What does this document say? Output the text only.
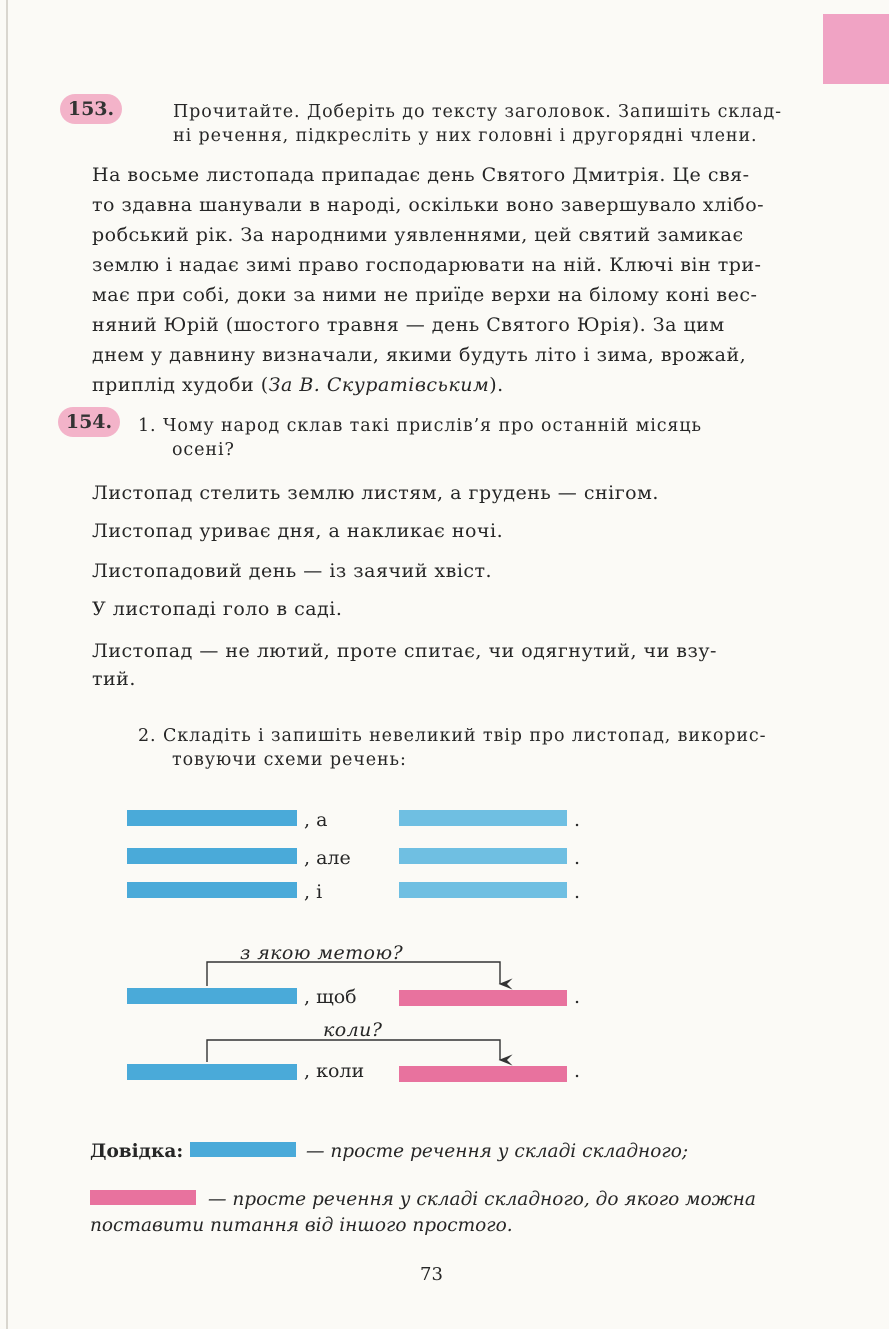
153.	Прочитайте. Доберіть до тексту заголовок. Запишіть склад-
ні речення, підкресліть у них головні і другорядні члени.
На восьме листопада припадає день Святого Дмитрія. Це свя-
то здавна шанували в народі, оскільки воно завершувало хлібо-
робський рік. За народними уявленнями, цей святий замикає
землю і надає зимі право господарювати на ній. Ключі він три-
має при собі, доки за ними не приїде верхи на білому коні вес-
няний Юрій (шостого травня — день Святого Юрія). За цим
днем у давнину визначали, якими будуть літо і зима, врожай,
приплід худоби (За В. Скуратівським).
154.	1. Чому народ склав такі прислів’я про останній місяць
осені?
Листопад стелить землю листям, а грудень — снігом.
Листопад уриває дня, а накликає ночі.
Листопадовий день — із заячий хвіст.
У листопаді голо в саді.
Листопад — не лютий, проте спитає, чи одягнутий, чи взу-
тий.
2. Складіть і запишіть невеликий твір про листопад, викорис-
товуючи схеми речень:
, а	.
, але	.
, і	.
з якою метою?
, щоб	.
коли?
, коли	.
Довідка:	— просте речення у складі складного;
— просте речення у складі складного, до якого можна
поставити питання від іншого простого.
73
